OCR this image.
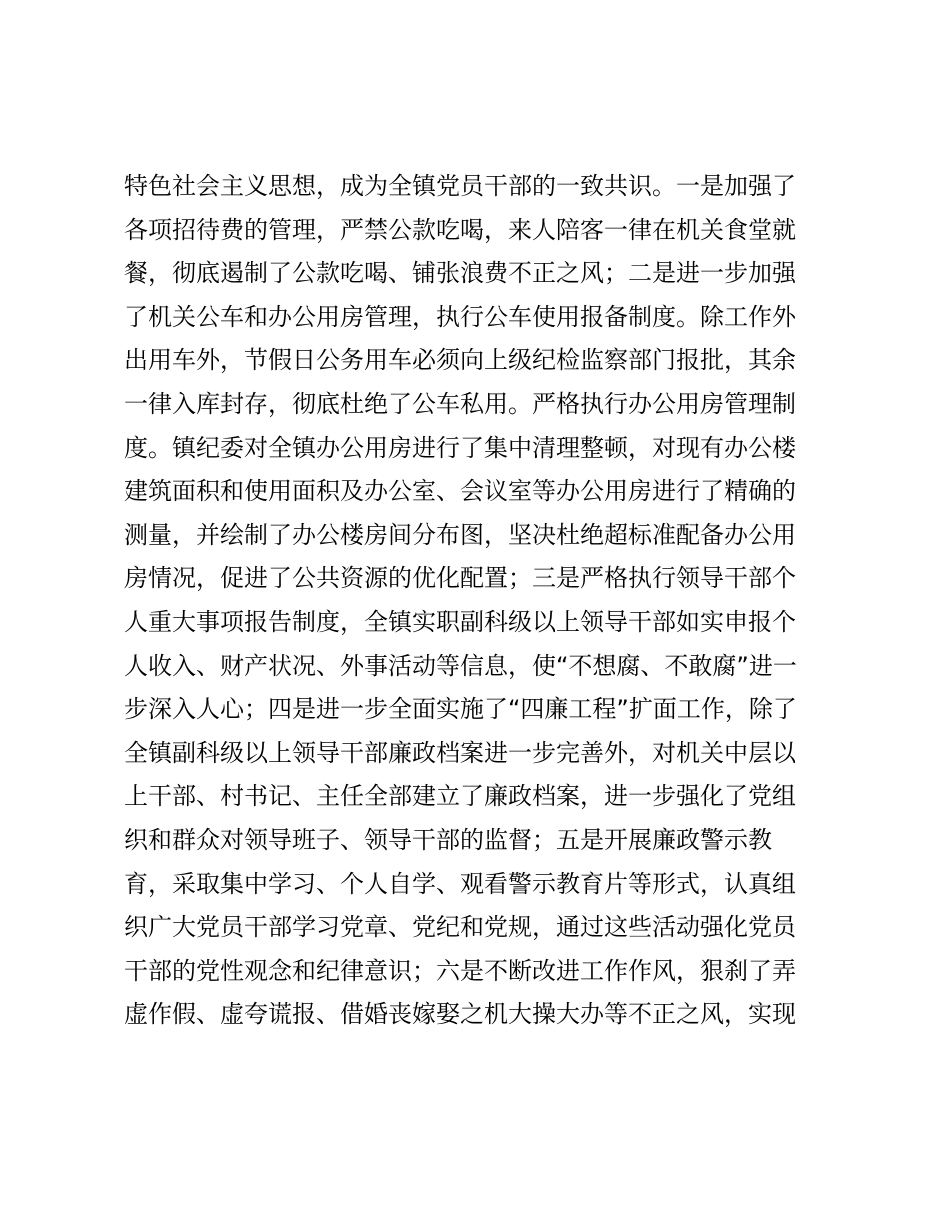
特色社会主义思想，成为全镇党员干部的一致共识。一是加强了
各项招待费的管理，严禁公款吃喝，来人陪客一律在机关食堂就
餐，彻底遏制了公款吃喝、铺张浪费不正之风；二是进一步加强
了机关公车和办公用房管理，执行公车使用报备制度。除工作外
出用车外，节假日公务用车必须向上级纪检监察部门报批，其余
一律入库封存，彻底杜绝了公车私用。严格执行办公用房管理制
度。镇纪委对全镇办公用房进行了集中清理整顿，对现有办公楼
建筑面积和使用面积及办公室、会议室等办公用房进行了精确的
测量，并绘制了办公楼房间分布图，坚决杜绝超标准配备办公用
房情况，促进了公共资源的优化配置；三是严格执行领导干部个
人重大事项报告制度，全镇实职副科级以上领导干部如实申报个
人收入、财产状况、外事活动等信息，使“不想腐、不敢腐”进一
步深入人心；四是进一步全面实施了“四廉工程”扩面工作，除了
全镇副科级以上领导干部廉政档案进一步完善外，对机关中层以
上干部、村书记、主任全部建立了廉政档案，进一步强化了党组
织和群众对领导班子、领导干部的监督；五是开展廉政警示教
育，采取集中学习、个人自学、观看警示教育片等形式，认真组
织广大党员干部学习党章、党纪和党规，通过这些活动强化党员
干部的党性观念和纪律意识；六是不断改进工作作风，狠刹了弄
虚作假、虚夸谎报、借婚丧嫁娶之机大操大办等不正之风，实现
